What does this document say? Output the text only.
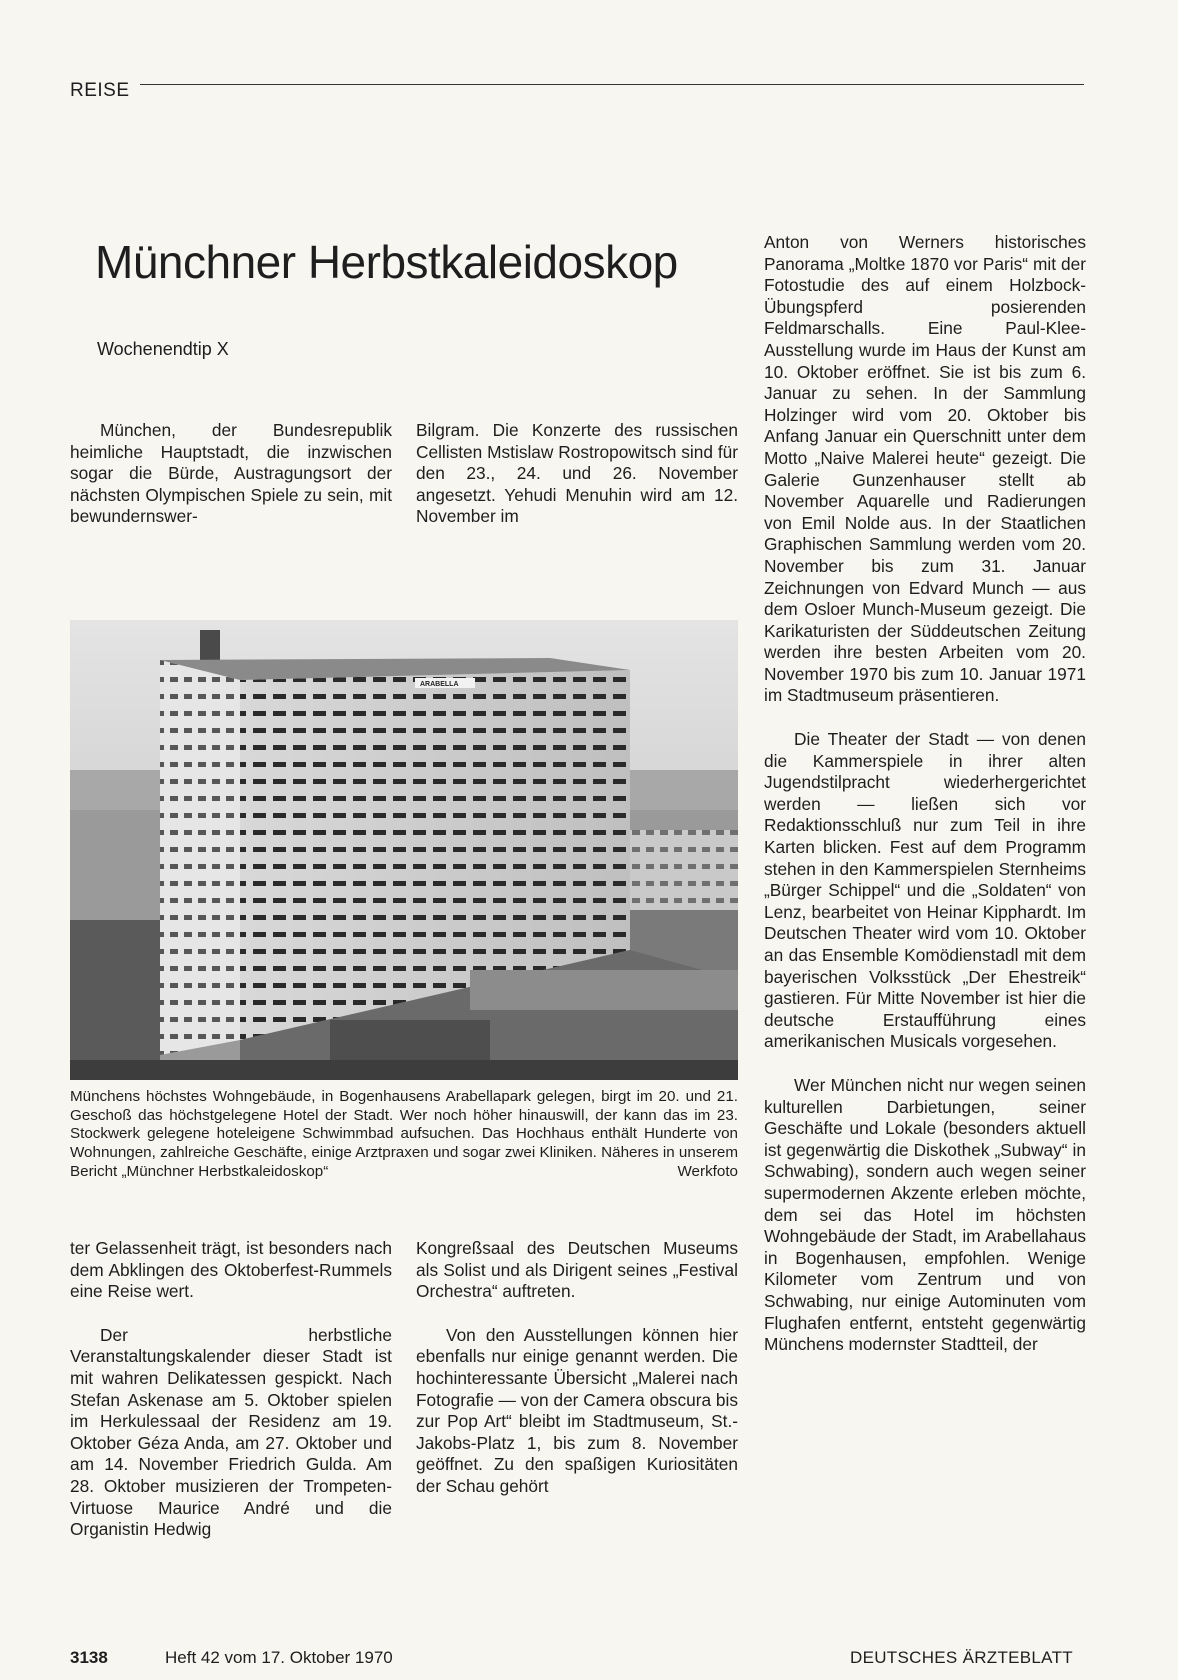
REISE
Münchner Herbstkaleidoskop
Wochenendtip X

München, der Bundesrepublik heimliche Hauptstadt, die inzwischen sogar die Bürde, Austragungsort der nächsten Olympischen Spiele zu sein, mit bewundernswer-

Bilgram. Die Konzerte des russischen Cellisten Mstislaw Rostropowitsch sind für den 23., 24. und 26. November angesetzt. Yehudi Menuhin wird am 12. November im

Anton von Werners historisches Panorama „Moltke 1870 vor Paris“ mit der Fotostudie des auf einem Holzbock-Übungspferd posierenden Feldmarschalls. Eine Paul-Klee-Ausstellung wurde im Haus der Kunst am 10. Oktober eröffnet. Sie ist bis zum 6. Januar zu sehen. In der Sammlung Holzinger wird vom 20. Oktober bis Anfang Januar ein Querschnitt unter dem Motto „Naive Malerei heute“ gezeigt. Die Galerie Gunzenhauser stellt ab November Aquarelle und Radierungen von Emil Nolde aus. In der Staatlichen Graphischen Sammlung werden vom 20. November bis zum 31. Januar Zeichnungen von Edvard Munch — aus dem Osloer Munch-Museum gezeigt. Die Karikaturisten der Süddeutschen Zeitung werden ihre besten Arbeiten vom 20. November 1970 bis zum 10. Januar 1971 im Stadtmuseum präsentieren.

Die Theater der Stadt — von denen die Kammerspiele in ihrer alten Jugendstilpracht wiederhergerichtet werden — ließen sich vor Redaktionsschluß nur zum Teil in ihre Karten blicken. Fest auf dem Programm stehen in den Kammerspielen Sternheims „Bürger Schippel“ und die „Soldaten“ von Lenz, bearbeitet von Heinar Kipphardt. Im Deutschen Theater wird vom 10. Oktober an das Ensemble Komödienstadl mit dem bayerischen Volksstück „Der Ehestreik“ gastieren. Für Mitte November ist hier die deutsche Erstaufführung eines amerikanischen Musicals vorgesehen.

Wer München nicht nur wegen seinen kulturellen Darbietungen, seiner Geschäfte und Lokale (besonders aktuell ist gegenwärtig die Diskothek „Subway“ in Schwabing), sondern auch wegen seiner supermodernen Akzente erleben möchte, dem sei das Hotel im höchsten Wohngebäude der Stadt, im Arabellahaus in Bogenhausen, empfohlen. Wenige Kilometer vom Zentrum und von Schwabing, nur einige Autominuten vom Flughafen entfernt, entsteht gegenwärtig Münchens modernster Stadtteil, der

ARABELLA
Münchens höchstes Wohngebäude, in Bogenhausens Arabellapark gelegen, birgt im 20. und 21. Geschoß das höchstgelegene Hotel der Stadt. Wer noch höher hinauswill, der kann das im 23. Stockwerk gelegene hoteleigene Schwimmbad aufsuchen. Das Hochhaus enthält Hunderte von Wohnungen, zahlreiche Geschäfte, einige Arztpraxen und sogar zwei Kliniken. Näheres in unserem Bericht „Münchner Herbstkaleidoskop“	Werkfoto

ter Gelassenheit trägt, ist besonders nach dem Abklingen des Oktoberfest-Rummels eine Reise wert.

Der herbstliche Veranstaltungskalender dieser Stadt ist mit wahren Delikatessen gespickt. Nach Stefan Askenase am 5. Oktober spielen im Herkulessaal der Residenz am 19. Oktober Géza Anda, am 27. Oktober und am 14. November Friedrich Gulda. Am 28. Oktober musizieren der Trompeten-Virtuose Maurice André und die Organistin Hedwig

Kongreßsaal des Deutschen Museums als Solist und als Dirigent seines „Festival Orchestra“ auftreten.

Von den Ausstellungen können hier ebenfalls nur einige genannt werden. Die hochinteressante Übersicht „Malerei nach Fotografie — von der Camera obscura bis zur Pop Art“ bleibt im Stadtmuseum, St.-Jakobs-Platz 1, bis zum 8. November geöffnet. Zu den spaßigen Kuriositäten der Schau gehört

3138	Heft 42 vom 17. Oktober 1970	DEUTSCHES ÄRZTEBLATT
